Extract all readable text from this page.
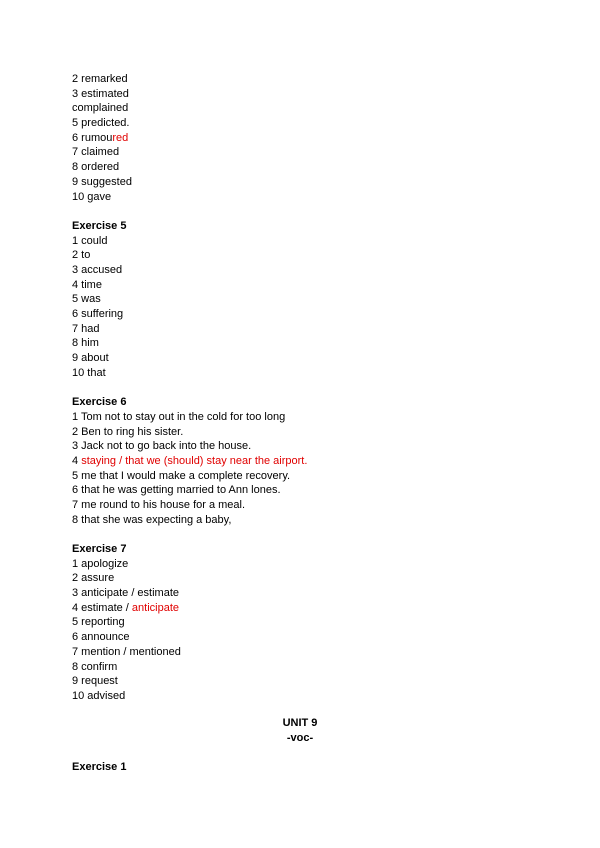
2 remarked
3 estimated
complained
5 predicted.
6 rumoured
7 claimed
8 ordered
9 suggested
10 gave
Exercise 5
1 could
2 to
3 accused
4 time
5 was
6 suffering
7 had
8 him
9 about
10 that
Exercise 6
1 Tom not to stay out in the cold for too long
2 Ben to ring his sister.
3 Jack not to go back into the house.
4 staying / that we (should) stay near the airport.
5 me that I would make a complete recovery.
6 that he was getting married to Ann lones.
7 me round to his house for a meal.
8 that she was expecting a baby,
Exercise 7
1 apologize
2 assure
3 anticipate / estimate
4 estimate / anticipate
5 reporting
6 announce
7 mention / mentioned
8 confirm
9 request
10 advised
UNIT 9
-voc-
Exercise 1
